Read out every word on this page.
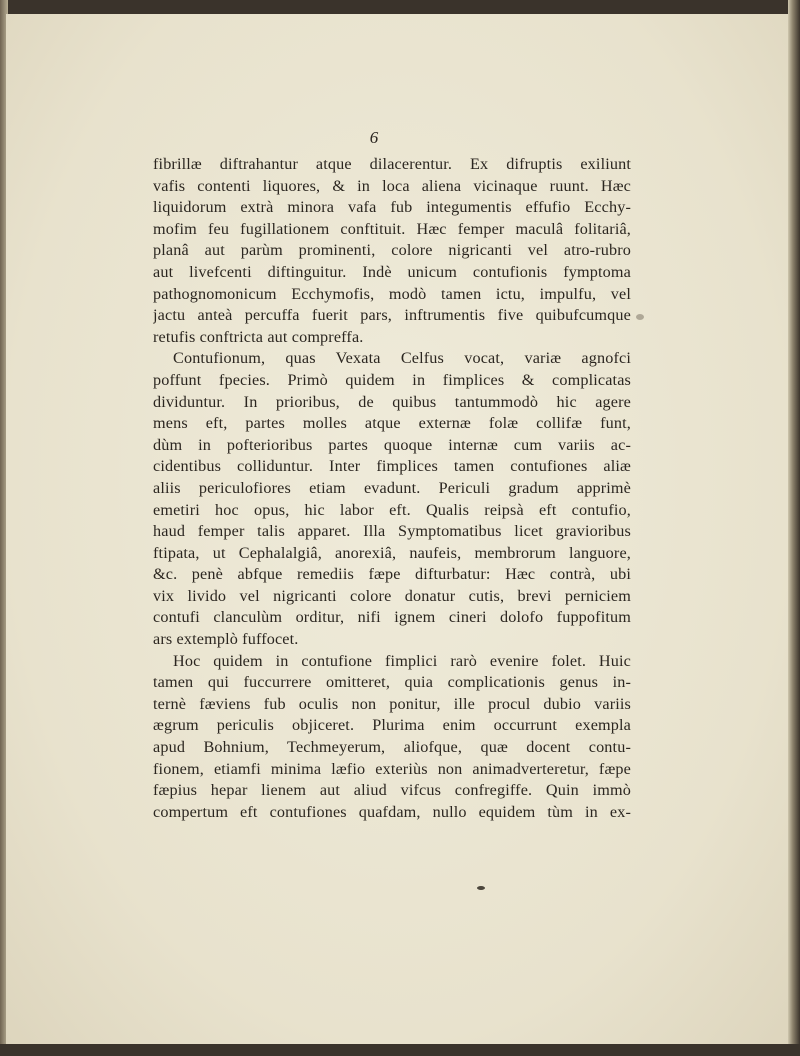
6
fibrillæ diftrahantur atque dilacerentur. Ex difruptis exiliunt
vafis contenti liquores, & in loca aliena vicinaque ruunt. Hæc
liquidorum extrà minora vafa fub integumentis effufio Ecchy-
mofim feu fugillationem conftituit. Hæc femper maculâ folitariâ,
planâ aut parùm prominenti, colore nigricanti vel atro-rubro
aut livefcenti diftinguitur. Indè unicum contufionis fymptoma
pathognomonicum Ecchymofis, modò tamen ictu, impulfu, vel
jactu anteà percuffa fuerit pars, inftrumentis five quibufcumque
retufis conftricta aut compreffa.
Contufionum, quas Vexata Celfus vocat, variæ agnofci
poffunt fpecies. Primò quidem in fimplices & complicatas
dividuntur. In prioribus, de quibus tantummodò hic agere
mens eft, partes molles atque externæ folæ collifæ funt,
dùm in pofterioribus partes quoque internæ cum variis ac-
cidentibus colliduntur. Inter fimplices tamen contufiones aliæ
aliis periculofiores etiam evadunt. Periculi gradum apprimè
emetiri hoc opus, hic labor eft. Qualis reipsà eft contufio,
haud femper talis apparet. Illa Symptomatibus licet gravioribus
ftipata, ut Cephalalgiâ, anorexiâ, naufeis, membrorum languore,
&c. penè abfque remediis fæpe difturbatur: Hæc contrà, ubi
vix livido vel nigricanti colore donatur cutis, brevi perniciem
contufi clanculùm orditur, nifi ignem cineri dolofo fuppofitum
ars extemplò fuffocet.
Hoc quidem in contufione fimplici rarò evenire folet. Huic
tamen qui fuccurrere omitteret, quia complicationis genus in-
ternè fæviens fub oculis non ponitur, ille procul dubio variis
ægrum periculis objiceret. Plurima enim occurrunt exempla
apud Bohnium, Techmeyerum, aliofque, quæ docent contu-
fionem, etiamfi minima læfio exteriùs non animadverteretur, fæpe
fæpius hepar lienem aut aliud vifcus confregiffe. Quin immò
compertum eft contufiones quafdam, nullo equidem tùm in ex-
